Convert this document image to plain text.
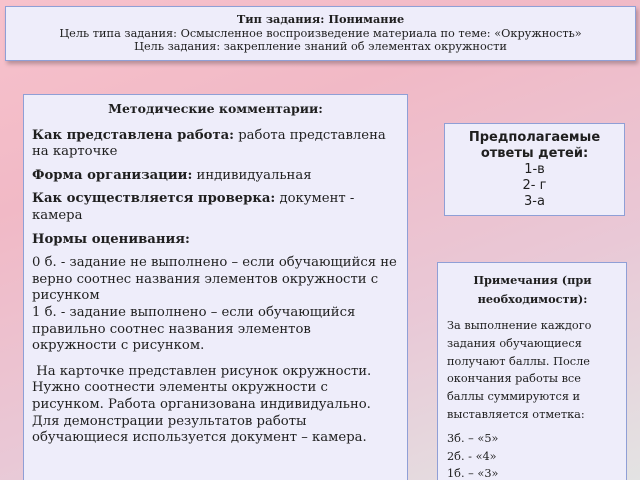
Тип задания: Понимание
Цель типа задания: Осмысленное воспроизведение материала по теме: «Окружность»
Цель задания: закрепление знаний об элементах окружности
Методические комментарии:

Как представлена работа: работа представлена на карточке

Форма организации: индивидуальная

Как осуществляется проверка: документ - камера

Нормы оценивания:

0 б. - задание не выполнено – если обучающийся не верно соотнес названия элементов окружности с рисунком
1 б. - задание выполнено – если обучающийся правильно соотнес названия элементов окружности с рисунком.
На карточке представлен рисунок окружности. Нужно соотнести элементы окружности с рисунком. Работа организована индивидуально. Для демонстрации результатов работы обучающиеся используется документ – камера.
Предполагаемые ответы детей:
1-в
2- г
3-а
Примечания (при необходимости):
За выполнение каждого задания обучающиеся получают баллы. После окончания работы все баллы суммируются и выставляется отметка:
3б. – «5»
2б. - «4»
1б. – «3»
